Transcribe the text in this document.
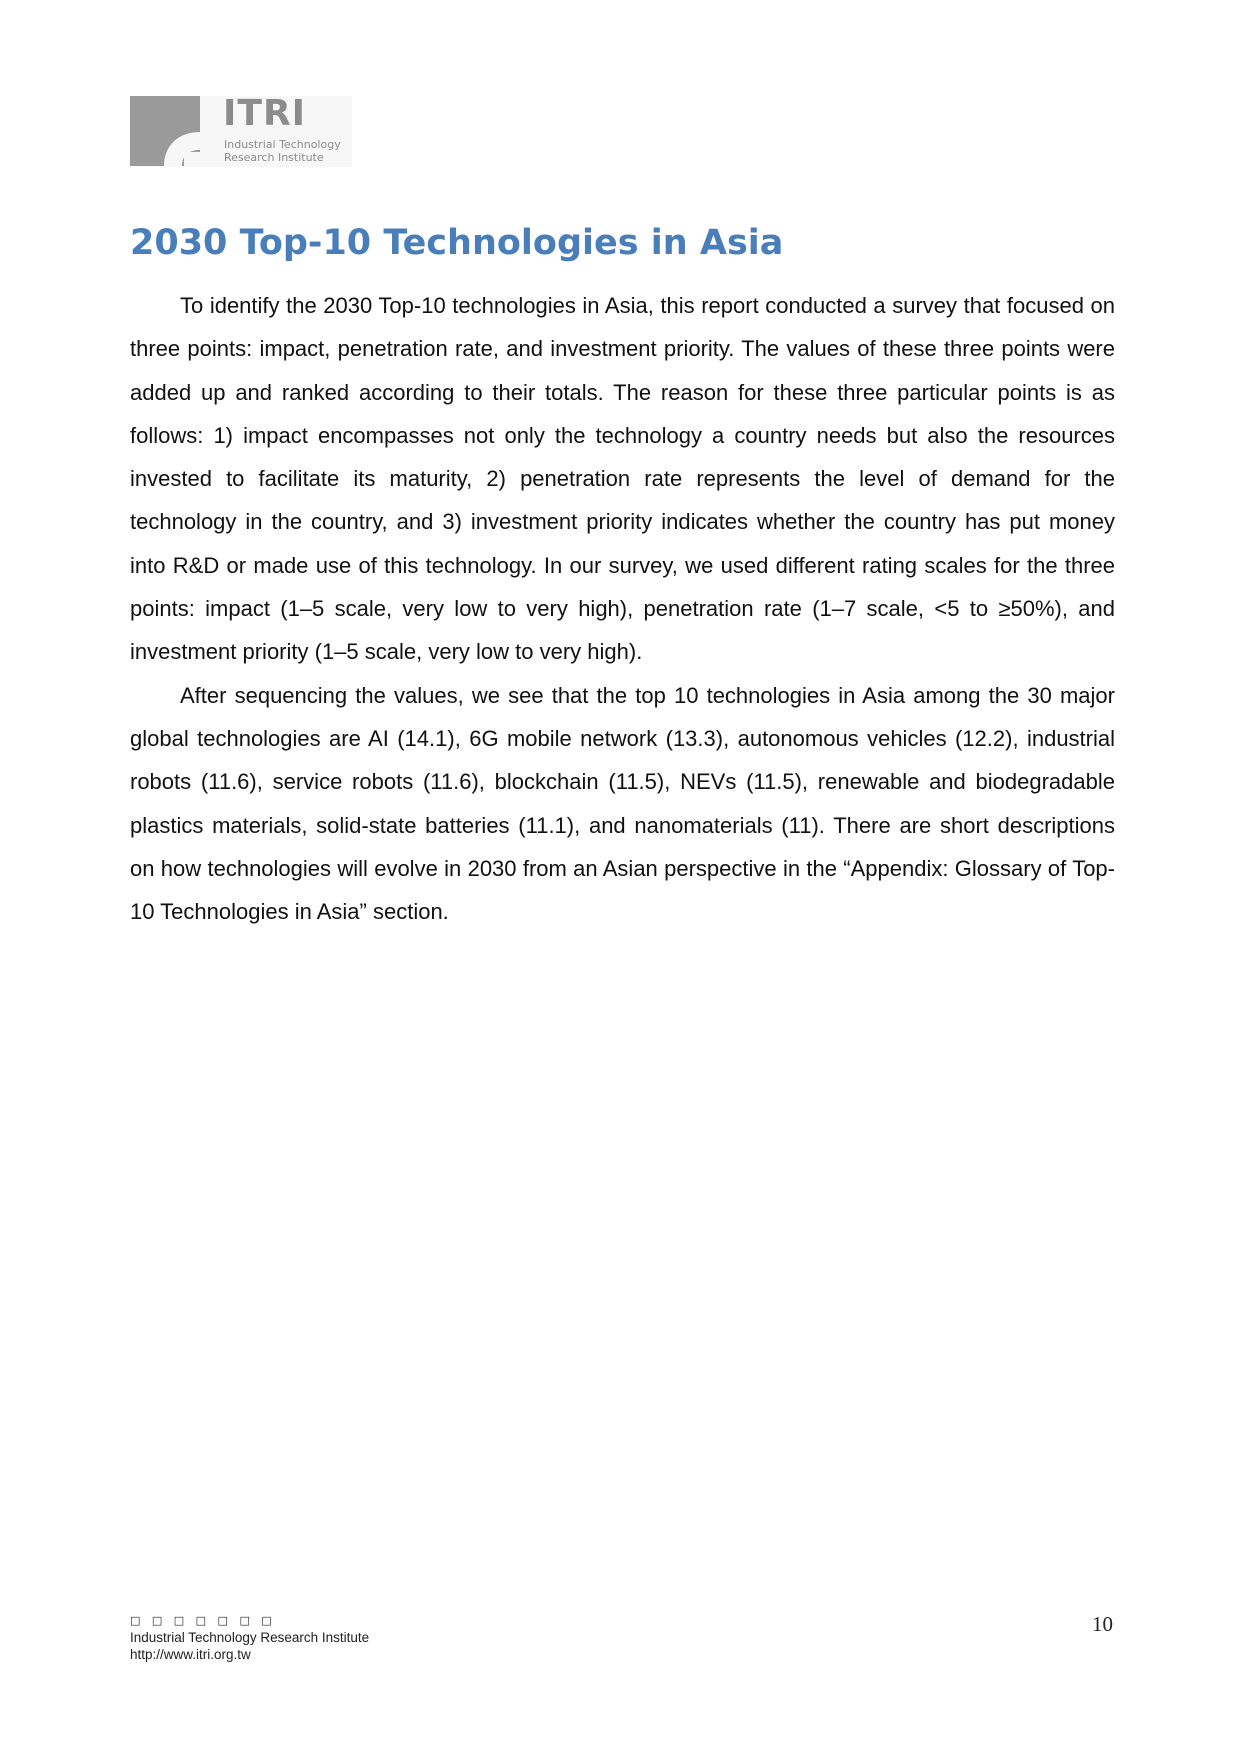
ITRI
Industrial Technology
Research Institute
2030 Top-10 Technologies in Asia

To identify the 2030 Top-10 technologies in Asia, this report conducted a survey that focused on three points: impact, penetration rate, and investment priority. The values of these three points were added up and ranked according to their totals. The reason for these three particular points is as follows: 1) impact encompasses not only the technology a country needs but also the resources invested to facilitate its maturity, 2) penetration rate represents the level of demand for the technology in the country, and 3) investment priority indicates whether the country has put money into R&D or made use of this technology. In our survey, we used different rating scales for the three points: impact (1–5 scale, very low to very high), penetration rate (1–7 scale, <5 to ≥50%), and investment priority (1–5 scale, very low to very high).

After sequencing the values, we see that the top 10 technologies in Asia among the 30 major global technologies are AI (14.1), 6G mobile network (13.3), autonomous vehicles (12.2), industrial robots (11.6), service robots (11.6), blockchain (11.5), NEVs (11.5), renewable and biodegradable plastics materials, solid-state batteries (11.1), and nanomaterials (11). There are short descriptions on how technologies will evolve in 2030 from an Asian perspective in the “Appendix: Glossary of Top-10 Technologies in Asia” section.

□ □ □ □ □ □ □
Industrial Technology Research Institute
http://www.itri.org.tw
10
